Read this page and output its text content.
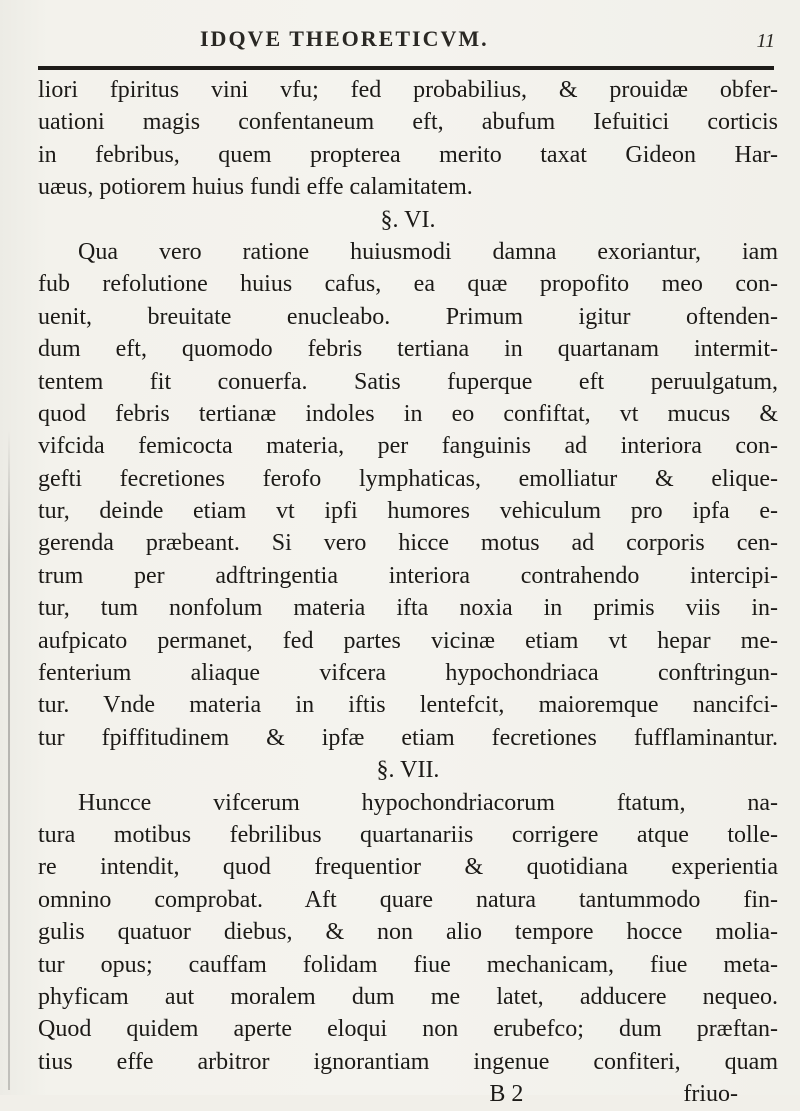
IDQVE THEORETICVM.	11
liori fpiritus vini vfu; fed probabilius, & prouidæ obfer-
uationi magis confentaneum eft, abufum Iefuitici corticis
in febribus, quem propterea merito taxat Gideon Har-
uæus, potiorem huius fundi effe calamitatem.
§. VI.
Qua vero ratione huiusmodi damna exoriantur, iam
fub refolutione huius cafus, ea quæ propofito meo con-
uenit, breuitate enucleabo. Primum igitur oftenden-
dum eft, quomodo febris tertiana in quartanam intermit-
tentem fit conuerfa. Satis fuperque eft peruulgatum,
quod febris tertianæ indoles in eo confiftat, vt mucus &
vifcida femicocta materia, per fanguinis ad interiora con-
gefti fecretiones ferofo lymphaticas, emolliatur & elique-
tur, deinde etiam vt ipfi humores vehiculum pro ipfa e-
gerenda præbeant. Si vero hicce motus ad corporis cen-
trum per adftringentia interiora contrahendo intercipi-
tur, tum nonfolum materia ifta noxia in primis viis in-
aufpicato permanet, fed partes vicinæ etiam vt hepar me-
fenterium aliaque vifcera hypochondriaca conftringun-
tur. Vnde materia in iftis lentefcit, maioremque nancifci-
tur fpiffitudinem & ipfæ etiam fecretiones fufflaminantur.
§. VII.
Huncce vifcerum hypochondriacorum ftatum, na-
tura motibus febrilibus quartanariis corrigere atque tolle-
re intendit, quod frequentior & quotidiana experientia
omnino comprobat. Aft quare natura tantummodo fin-
gulis quatuor diebus, & non alio tempore hocce molia-
tur opus; cauffam folidam fiue mechanicam, fiue meta-
phyficam aut moralem dum me latet, adducere nequeo.
Quod quidem aperte eloqui non erubefco; dum præftan-
tius effe arbitror ignorantiam ingenue confiteri, quam
B 2	friuo-
